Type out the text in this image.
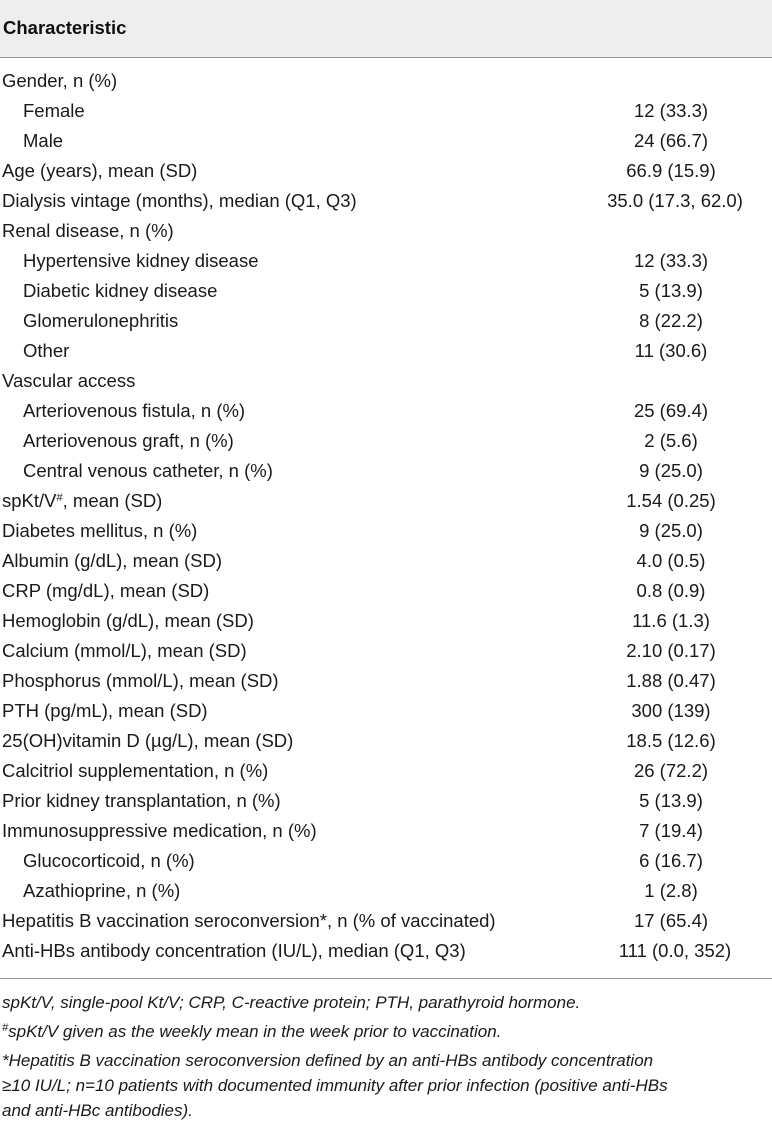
Characteristic
Gender, n (%)
Female	12 (33.3)
Male	24 (66.7)
Age (years), mean (SD)	66.9 (15.9)
Dialysis vintage (months), median (Q1, Q3)	35.0 (17.3, 62.0)
Renal disease, n (%)
Hypertensive kidney disease	12 (33.3)
Diabetic kidney disease	5 (13.9)
Glomerulonephritis	8 (22.2)
Other	11 (30.6)
Vascular access
Arteriovenous fistula, n (%)	25 (69.4)
Arteriovenous graft, n (%)	2 (5.6)
Central venous catheter, n (%)	9 (25.0)
spKt/V#, mean (SD)	1.54 (0.25)
Diabetes mellitus, n (%)	9 (25.0)
Albumin (g/dL), mean (SD)	4.0 (0.5)
CRP (mg/dL), mean (SD)	0.8 (0.9)
Hemoglobin (g/dL), mean (SD)	11.6 (1.3)
Calcium (mmol/L), mean (SD)	2.10 (0.17)
Phosphorus (mmol/L), mean (SD)	1.88 (0.47)
PTH (pg/mL), mean (SD)	300 (139)
25(OH)vitamin D (µg/L), mean (SD)	18.5 (12.6)
Calcitriol supplementation, n (%)	26 (72.2)
Prior kidney transplantation, n (%)	5 (13.9)
Immunosuppressive medication, n (%)	7 (19.4)
Glucocorticoid, n (%)	6 (16.7)
Azathioprine, n (%)	1 (2.8)
Hepatitis B vaccination seroconversion*, n (% of vaccinated)	17 (65.4)
Anti-HBs antibody concentration (IU/L), median (Q1, Q3)	111 (0.0, 352)
spKt/V, single-pool Kt/V; CRP, C-reactive protein; PTH, parathyroid hormone.
#spKt/V given as the weekly mean in the week prior to vaccination.
*Hepatitis B vaccination seroconversion defined by an anti-HBs antibody concentration
≥10 IU/L; n=10 patients with documented immunity after prior infection (positive anti-HBs
and anti-HBc antibodies).
